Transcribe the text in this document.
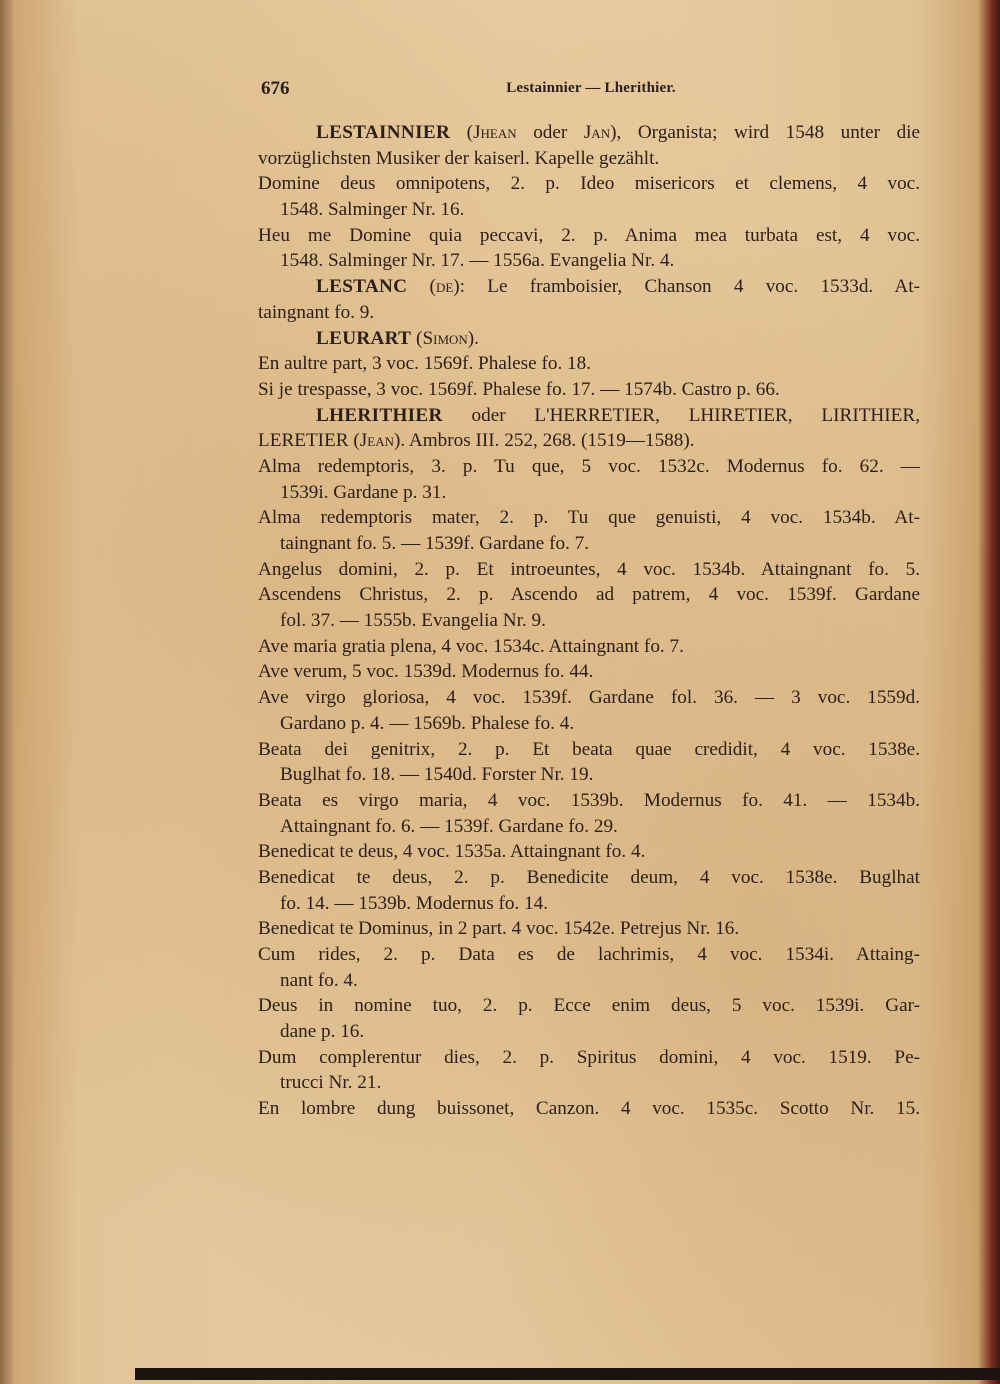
676	Lestainnier — Lherithier.
LESTAINNIER (Jhean oder Jan), Organista; wird 1548 unter die
vorzüglichsten Musiker der kaiserl. Kapelle gezählt.
Domine deus omnipotens, 2. p. Ideo misericors et clemens, 4 voc.
1548. Salminger Nr. 16.
Heu me Domine quia peccavi, 2. p. Anima mea turbata est, 4 voc.
1548. Salminger Nr. 17. — 1556a. Evangelia Nr. 4.
LESTANC (de): Le framboisier, Chanson 4 voc. 1533d. At-
taingnant fo. 9.
LEURART (Simon).
En aultre part, 3 voc. 1569f. Phalese fo. 18.
Si je trespasse, 3 voc. 1569f. Phalese fo. 17. — 1574b. Castro p. 66.
LHERITHIER oder L'HERRETIER, LHIRETIER, LIRITHIER,
LERETIER (Jean). Ambros III. 252, 268. (1519—1588).
Alma redemptoris, 3. p. Tu que, 5 voc. 1532c. Modernus fo. 62. —
1539i. Gardane p. 31.
Alma redemptoris mater, 2. p. Tu que genuisti, 4 voc. 1534b. At-
taingnant fo. 5. — 1539f. Gardane fo. 7.
Angelus domini, 2. p. Et introeuntes, 4 voc. 1534b. Attaingnant fo. 5.
Ascendens Christus, 2. p. Ascendo ad patrem, 4 voc. 1539f. Gardane
fol. 37. — 1555b. Evangelia Nr. 9.
Ave maria gratia plena, 4 voc. 1534c. Attaingnant fo. 7.
Ave verum, 5 voc. 1539d. Modernus fo. 44.
Ave virgo gloriosa, 4 voc. 1539f. Gardane fol. 36. — 3 voc. 1559d.
Gardano p. 4. — 1569b. Phalese fo. 4.
Beata dei genitrix, 2. p. Et beata quae credidit, 4 voc. 1538e.
Buglhat fo. 18. — 1540d. Forster Nr. 19.
Beata es virgo maria, 4 voc. 1539b. Modernus fo. 41. — 1534b.
Attaingnant fo. 6. — 1539f. Gardane fo. 29.
Benedicat te deus, 4 voc. 1535a. Attaingnant fo. 4.
Benedicat te deus, 2. p. Benedicite deum, 4 voc. 1538e. Buglhat
fo. 14. — 1539b. Modernus fo. 14.
Benedicat te Dominus, in 2 part. 4 voc. 1542e. Petrejus Nr. 16.
Cum rides, 2. p. Data es de lachrimis, 4 voc. 1534i. Attaing-
nant fo. 4.
Deus in nomine tuo, 2. p. Ecce enim deus, 5 voc. 1539i. Gar-
dane p. 16.
Dum complerentur dies, 2. p. Spiritus domini, 4 voc. 1519. Pe-
trucci Nr. 21.
En lombre dung buissonet, Canzon. 4 voc. 1535c. Scotto Nr. 15.
